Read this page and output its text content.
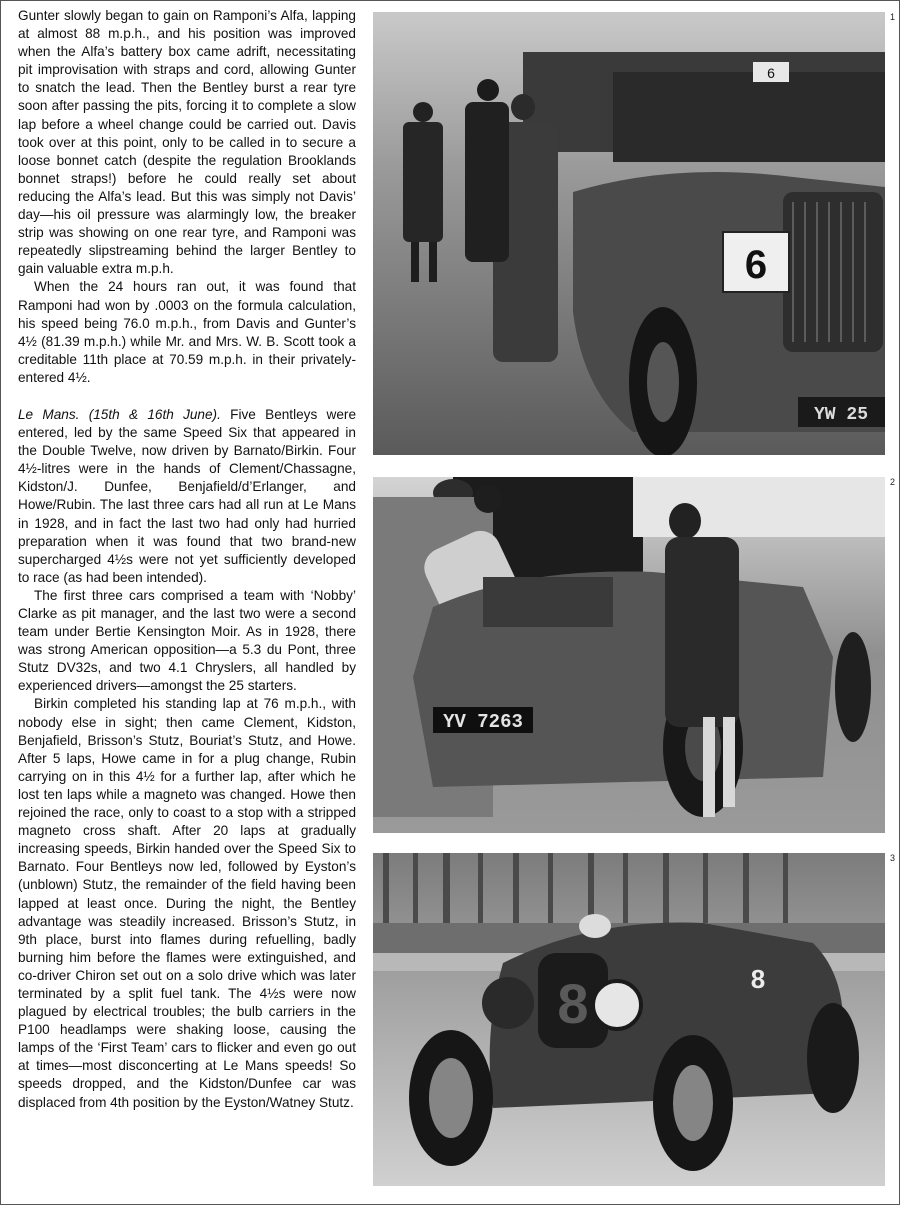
Gunter slowly began to gain on Ramponi’s Alfa, lapping at almost 88 m.p.h., and his position was improved when the Alfa’s battery box came adrift, necessitating pit improvisation with straps and cord, allowing Gunter to snatch the lead. Then the Bentley burst a rear tyre soon after passing the pits, forcing it to complete a slow lap before a wheel change could be carried out. Davis took over at this point, only to be called in to secure a loose bonnet catch (despite the regulation Brooklands bonnet straps!) before he could really set about reducing the Alfa’s lead. But this was simply not Davis’ day—his oil pressure was alarmingly low, the breaker strip was showing on one rear tyre, and Ramponi was repeatedly slipstreaming behind the larger Bentley to gain valuable extra m.p.h.

When the 24 hours ran out, it was found that Ramponi had won by .0003 on the formula calculation, his speed being 76.0 m.p.h., from Davis and Gunter’s 4½ (81.39 m.p.h.) while Mr. and Mrs. W. B. Scott took a creditable 11th place at 70.59 m.p.h. in their privately-entered 4½.

Le Mans. (15th & 16th June). Five Bentleys were entered, led by the same Speed Six that appeared in the Double Twelve, now driven by Barnato/Birkin. Four 4½-litres were in the hands of Clement/Chassagne, Kidston/J. Dunfee, Benjafield/d’Erlanger, and Howe/Rubin. The last three cars had all run at Le Mans in 1928, and in fact the last two had only had hurried preparation when it was found that two brand-new supercharged 4½s were not yet sufficiently developed to race (as had been intended).

The first three cars comprised a team with ‘Nobby’ Clarke as pit manager, and the last two were a second team under Bertie Kensington Moir. As in 1928, there was strong American opposition—a 5.3 du Pont, three Stutz DV32s, and two 4.1 Chryslers, all handled by experienced drivers—amongst the 25 starters.

Birkin completed his standing lap at 76 m.p.h., with nobody else in sight; then came Clement, Kidston, Benjafield, Brisson’s Stutz, Bouriat’s Stutz, and Howe. After 5 laps, Howe came in for a plug change, Rubin carrying on in this 4½ for a further lap, after which he lost ten laps while a magneto was changed. Howe then rejoined the race, only to coast to a stop with a stripped magneto cross shaft. After 20 laps at gradually increasing speeds, Birkin handed over the Speed Six to Barnato. Four Bentleys now led, followed by Eyston’s (unblown) Stutz, the remainder of the field having been lapped at least once. During the night, the Bentley advantage was steadily increased. Brisson’s Stutz, in 9th place, burst into flames during refuelling, badly burning him before the flames were extinguished, and co-driver Chiron set out on a solo drive which was later terminated by a split fuel tank. The 4½s were now plagued by electrical troubles; the bulb carriers in the P100 headlamps were shaking loose, causing the lamps of the ‘First Team’ cars to flicker and even go out at times—most disconcerting at Le Mans speeds! So speeds dropped, and the Kidston/Dunfee car was displaced from 4th position by the Eyston/Watney Stutz.

6
6
YW 25
1
YV 7263
2
8	8
3
